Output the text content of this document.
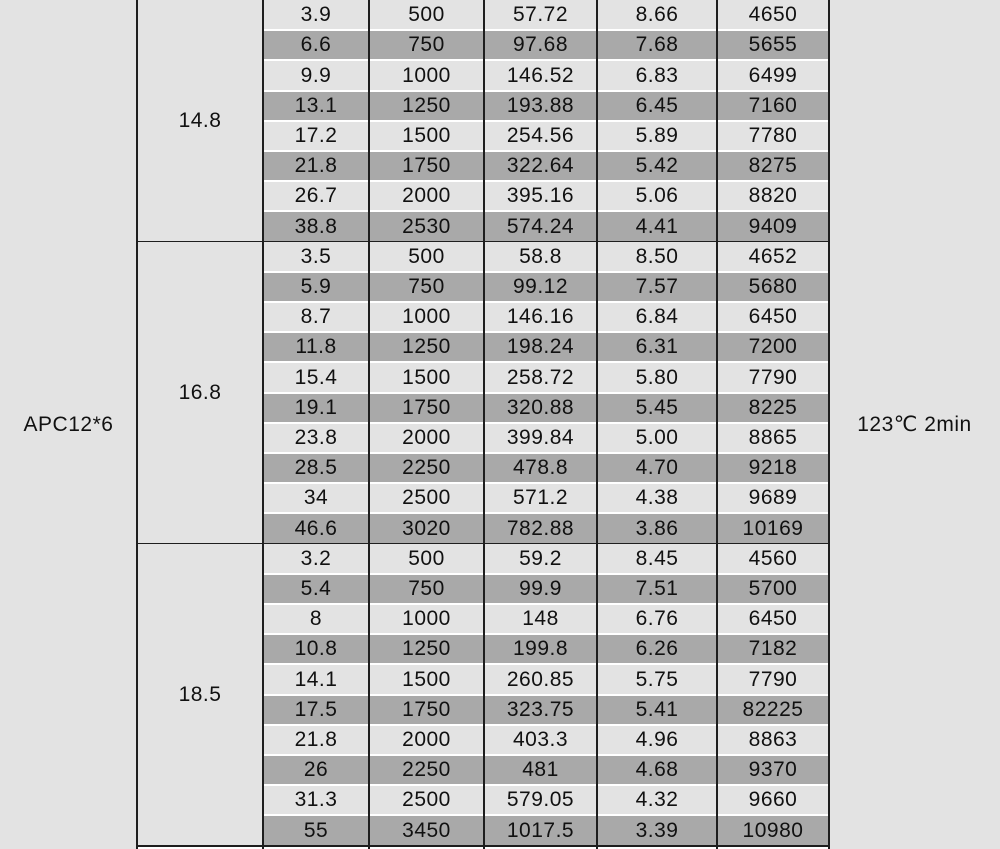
APC12*6	123℃ 2min
14.8
3.9	500	57.72	8.66	4650
6.6	750	97.68	7.68	5655
9.9	1000	146.52	6.83	6499
13.1	1250	193.88	6.45	7160
17.2	1500	254.56	5.89	7780
21.8	1750	322.64	5.42	8275
26.7	2000	395.16	5.06	8820
38.8	2530	574.24	4.41	9409
16.8
3.5	500	58.8	8.50	4652
5.9	750	99.12	7.57	5680
8.7	1000	146.16	6.84	6450
11.8	1250	198.24	6.31	7200
15.4	1500	258.72	5.80	7790
19.1	1750	320.88	5.45	8225
23.8	2000	399.84	5.00	8865
28.5	2250	478.8	4.70	9218
34	2500	571.2	4.38	9689
46.6	3020	782.88	3.86	10169
18.5
3.2	500	59.2	8.45	4560
5.4	750	99.9	7.51	5700
8	1000	148	6.76	6450
10.8	1250	199.8	6.26	7182
14.1	1500	260.85	5.75	7790
17.5	1750	323.75	5.41	82225
21.8	2000	403.3	4.96	8863
26	2250	481	4.68	9370
31.3	2500	579.05	4.32	9660
55	3450	1017.5	3.39	10980
